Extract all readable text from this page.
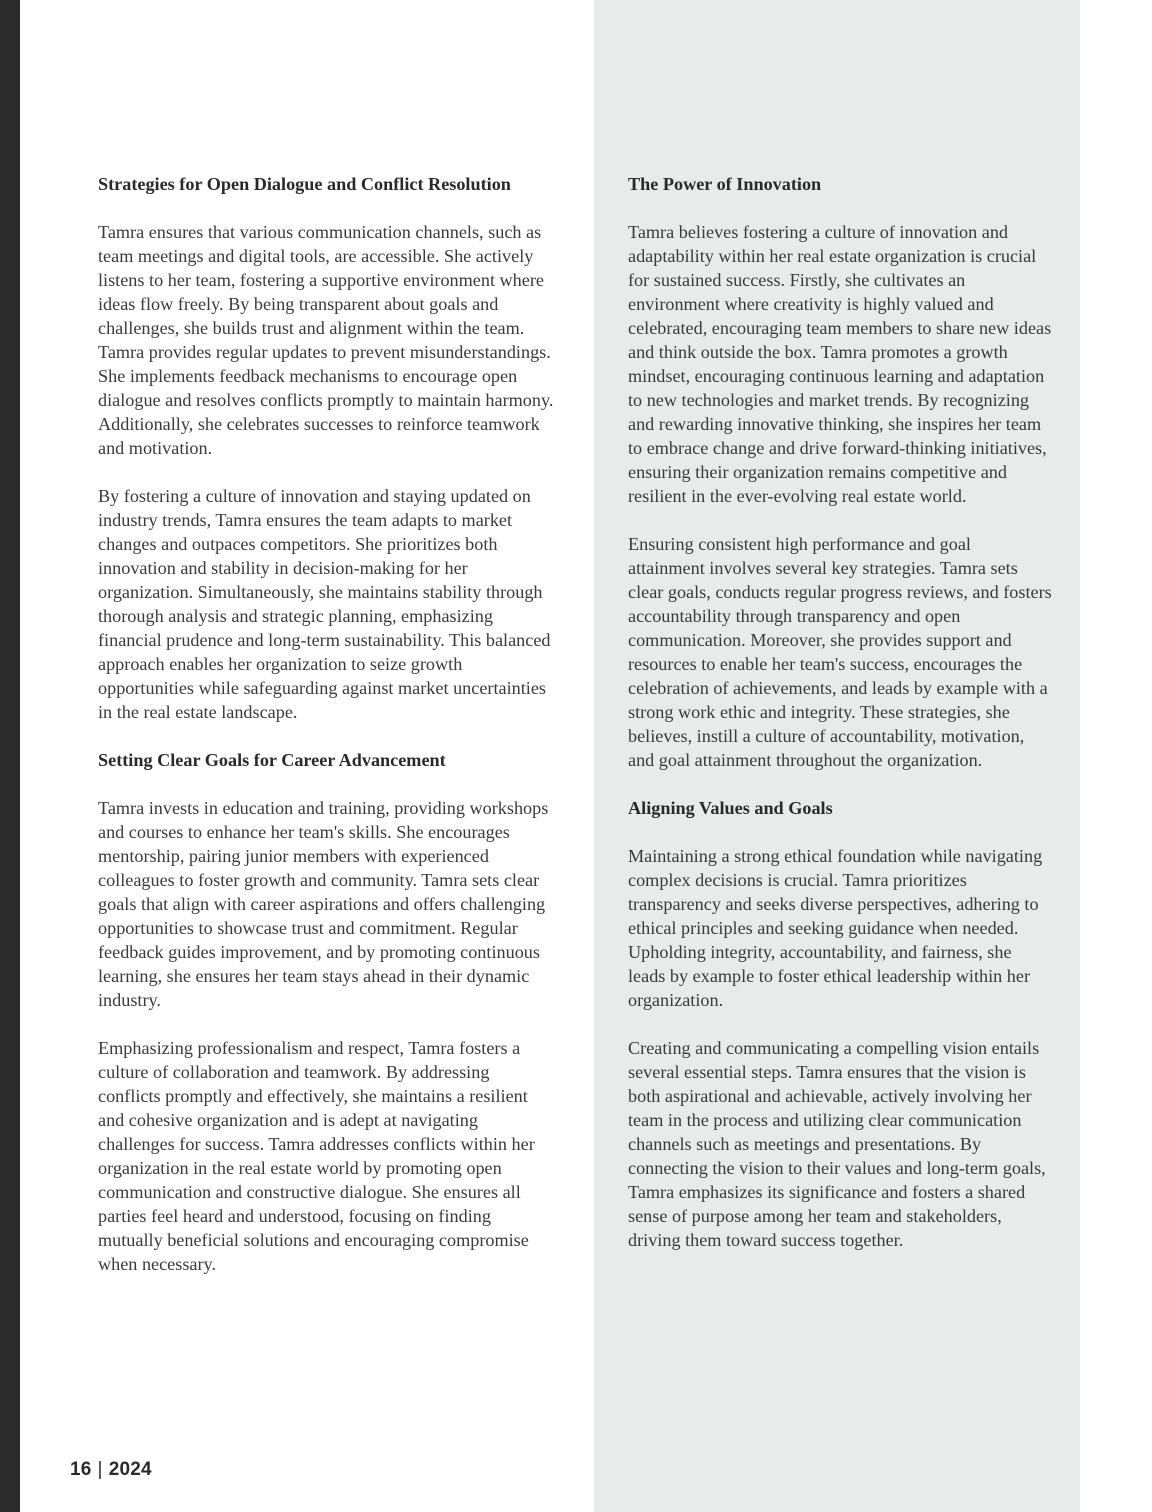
Strategies for Open Dialogue and Conflict Resolution
Tamra ensures that various communication channels, such as team meetings and digital tools, are accessible. She actively listens to her team, fostering a supportive environment where ideas flow freely. By being transparent about goals and challenges, she builds trust and alignment within the team. Tamra provides regular updates to prevent misunderstandings. She implements feedback mechanisms to encourage open dialogue and resolves conflicts promptly to maintain harmony. Additionally, she celebrates successes to reinforce teamwork and motivation.
By fostering a culture of innovation and staying updated on industry trends, Tamra ensures the team adapts to market changes and outpaces competitors. She prioritizes both innovation and stability in decision-making for her organization. Simultaneously, she maintains stability through thorough analysis and strategic planning, emphasizing financial prudence and long-term sustainability. This balanced approach enables her organization to seize growth opportunities while safeguarding against market uncertainties in the real estate landscape.
Setting Clear Goals for Career Advancement
Tamra invests in education and training, providing workshops and courses to enhance her team's skills. She encourages mentorship, pairing junior members with experienced colleagues to foster growth and community. Tamra sets clear goals that align with career aspirations and offers challenging opportunities to showcase trust and commitment. Regular feedback guides improvement, and by promoting continuous learning, she ensures her team stays ahead in their dynamic industry.
Emphasizing professionalism and respect, Tamra fosters a culture of collaboration and teamwork. By addressing conflicts promptly and effectively, she maintains a resilient and cohesive organization and is adept at navigating challenges for success. Tamra addresses conflicts within her organization in the real estate world by promoting open communication and constructive dialogue. She ensures all parties feel heard and understood, focusing on finding mutually beneficial solutions and encouraging compromise when necessary.
The Power of Innovation
Tamra believes fostering a culture of innovation and adaptability within her real estate organization is crucial for sustained success. Firstly, she cultivates an environment where creativity is highly valued and celebrated, encouraging team members to share new ideas and think outside the box. Tamra promotes a growth mindset, encouraging continuous learning and adaptation to new technologies and market trends. By recognizing and rewarding innovative thinking, she inspires her team to embrace change and drive forward-thinking initiatives, ensuring their organization remains competitive and resilient in the ever-evolving real estate world.
Ensuring consistent high performance and goal attainment involves several key strategies. Tamra sets clear goals, conducts regular progress reviews, and fosters accountability through transparency and open communication. Moreover, she provides support and resources to enable her team's success, encourages the celebration of achievements, and leads by example with a strong work ethic and integrity. These strategies, she believes, instill a culture of accountability, motivation, and goal attainment throughout the organization.
Aligning Values and Goals
Maintaining a strong ethical foundation while navigating complex decisions is crucial. Tamra prioritizes transparency and seeks diverse perspectives, adhering to ethical principles and seeking guidance when needed. Upholding integrity, accountability, and fairness, she leads by example to foster ethical leadership within her organization.
Creating and communicating a compelling vision entails several essential steps. Tamra ensures that the vision is both aspirational and achievable, actively involving her team in the process and utilizing clear communication channels such as meetings and presentations. By connecting the vision to their values and long-term goals, Tamra emphasizes its significance and fosters a shared sense of purpose among her team and stakeholders, driving them toward success together.
16 | 2024
